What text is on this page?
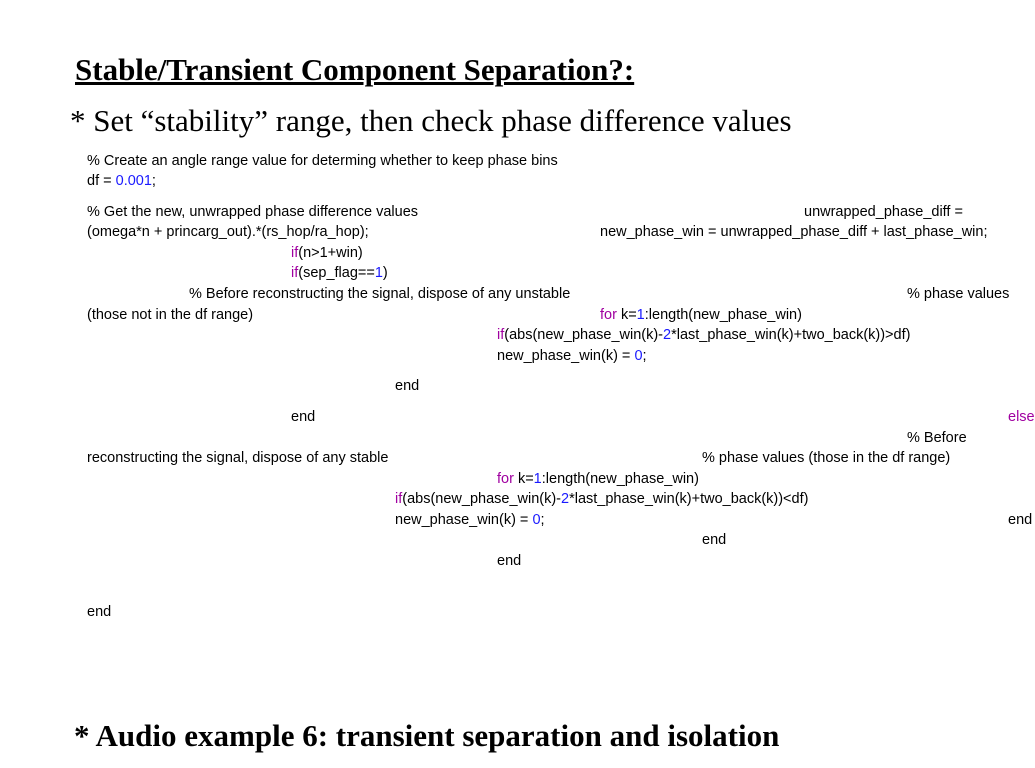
Stable/Transient Component Separation?:

* Set “stability” range, then check phase difference values

% Create an angle range value for determing whether to keep phase bins
df = 0.001;
% Get the new, unwrapped phase difference values	unwrapped_phase_diff =
(omega*n + princarg_out).*(rs_hop/ra_hop);	new_phase_win = unwrapped_phase_diff + last_phase_win;
if(n>1+win)
if(sep_flag==1)
% Before reconstructing the signal, dispose of any unstable	% phase values
(those not in the df range)	for k=1:length(new_phase_win)
if(abs(new_phase_win(k)-2*last_phase_win(k)+two_back(k))>df)
new_phase_win(k) = 0;
end
end	else
% Before
reconstructing the signal, dispose of any stable	% phase values (those in the df range)
for k=1:length(new_phase_win)
if(abs(new_phase_win(k)-2*last_phase_win(k)+two_back(k))<df)
new_phase_win(k) = 0;	end
end
end
end

* Audio example 6: transient separation and isolation
